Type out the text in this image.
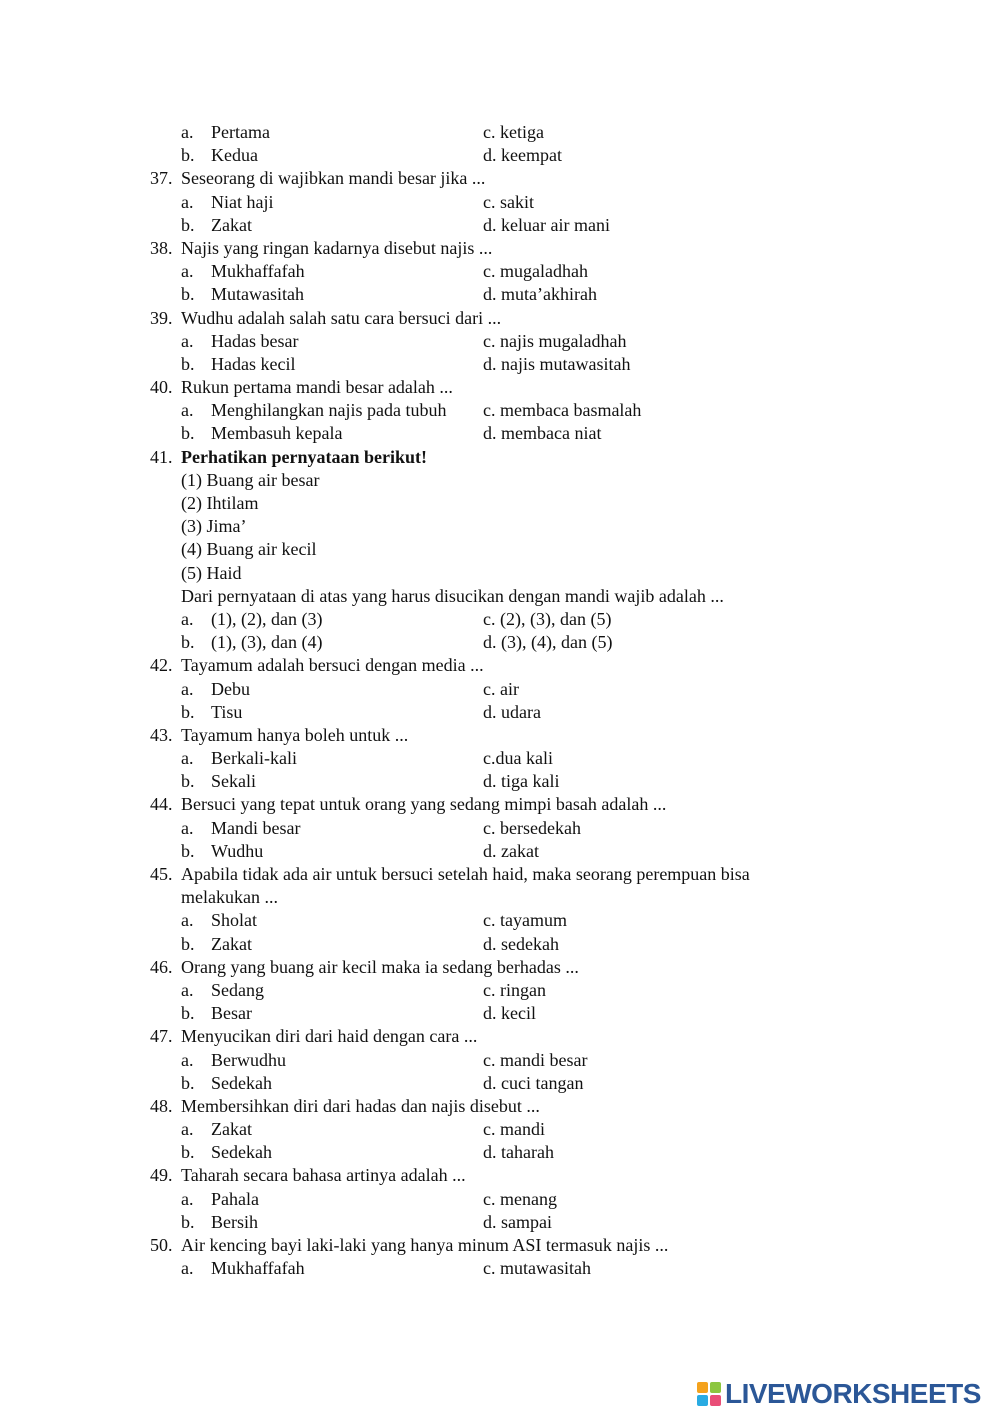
a. Pertama	c. ketiga
b. Kedua	d. keempat
37. Seseorang di wajibkan mandi besar jika ...
a. Niat haji	c. sakit
b. Zakat	d. keluar air mani
38. Najis yang ringan kadarnya disebut najis ...
a. Mukhaffafah	c. mugaladhah
b. Mutawasitah	d. muta’akhirah
39. Wudhu adalah salah satu cara bersuci dari ...
a. Hadas besar	c. najis mugaladhah
b. Hadas kecil	d. najis mutawasitah
40. Rukun pertama mandi besar adalah ...
a. Menghilangkan najis pada tubuh c. membaca basmalah
b. Membasuh kepala	d. membaca niat
41. Perhatikan pernyataan berikut!
(1) Buang air besar
(2) Ihtilam
(3) Jima’
(4) Buang air kecil
(5) Haid
Dari pernyataan di atas yang harus disucikan dengan mandi wajib adalah ...
a. (1), (2), dan (3)	c. (2), (3), dan (5)
b. (1), (3), dan (4)	d. (3), (4), dan (5)
42. Tayamum adalah bersuci dengan media ...
a. Debu	c. air
b. Tisu	d. udara
43. Tayamum hanya boleh untuk ...
a. Berkali-kali	c.dua kali
b. Sekali	d. tiga kali
44. Bersuci yang tepat untuk orang yang sedang mimpi basah adalah ...
a. Mandi besar	c. bersedekah
b. Wudhu	d. zakat
45. Apabila tidak ada air untuk bersuci setelah haid, maka seorang perempuan bisa
melakukan ...
a. Sholat	c. tayamum
b. Zakat	d. sedekah
46. Orang yang buang air kecil maka ia sedang berhadas ...
a. Sedang	c. ringan
b. Besar	d. kecil
47. Menyucikan diri dari haid dengan cara ...
a. Berwudhu	c. mandi besar
b. Sedekah	d. cuci tangan
48. Membersihkan diri dari hadas dan najis disebut ...
a. Zakat	c. mandi
b. Sedekah	d. taharah
49. Taharah secara bahasa artinya adalah ...
a. Pahala	c. menang
b. Bersih	d. sampai
50. Air kencing bayi laki-laki yang hanya minum ASI termasuk najis ...
a. Mukhaffafah	c. mutawasitah
LIVEWORKSHEETS
